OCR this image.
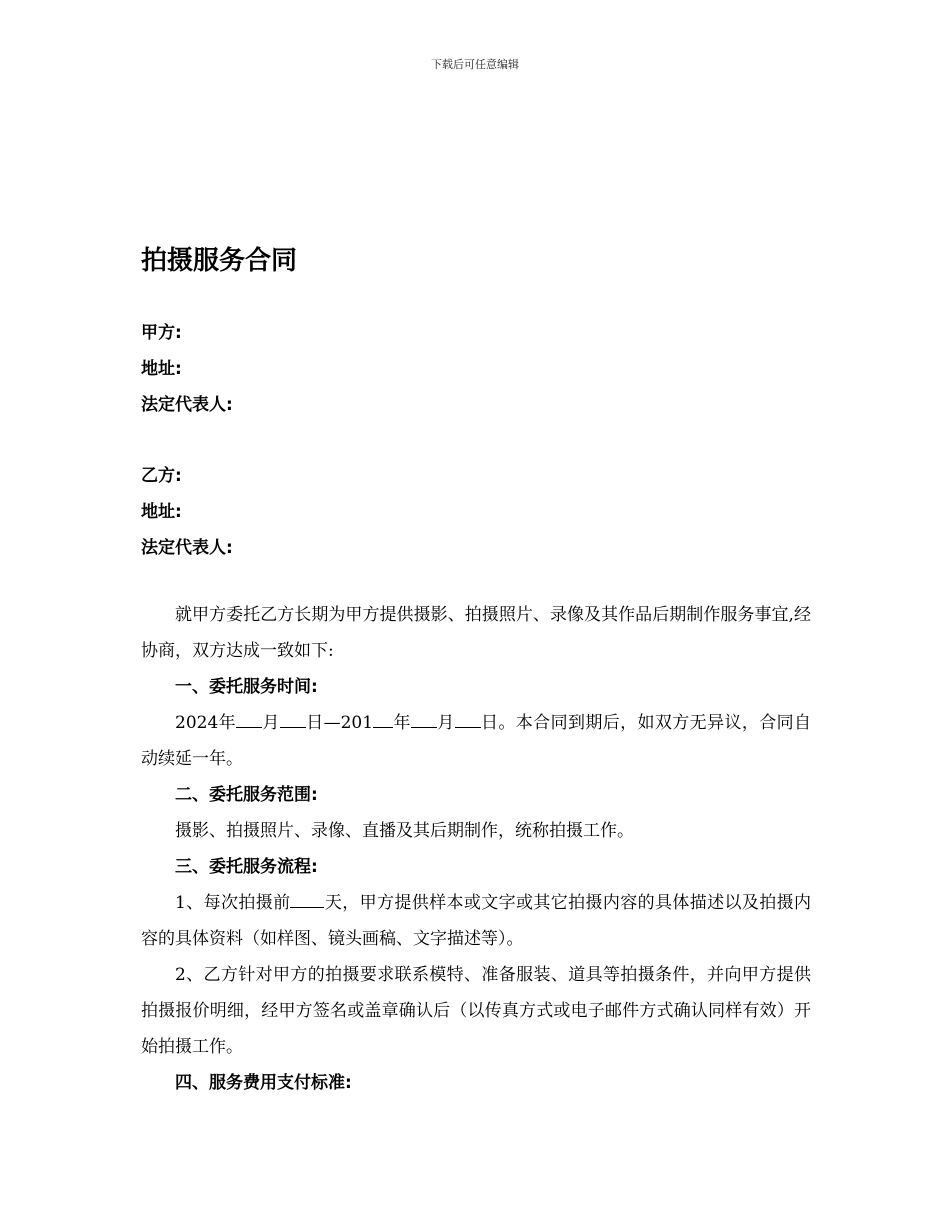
下载后可任意编辑
拍摄服务合同
甲方:
地址:
法定代表人:
乙方:
地址:
法定代表人:

就甲方委托乙方长期为甲方提供摄影、拍摄照片、录像及其作品后期制作服务事宜,经协商，双方达成一致如下:

一、委托服务时间:

2024年 月 日—201 年 月 日。本合同到期后，如双方无异议，合同自动续延一年。

二、委托服务范围:

摄影、拍摄照片、录像、直播及其后期制作，统称拍摄工作。

三、委托服务流程:

1、每次拍摄前 天，甲方提供样本或文字或其它拍摄内容的具体描述以及拍摄内容的具体资料（如样图、镜头画稿、文字描述等）。

2、乙方针对甲方的拍摄要求联系模特、准备服装、道具等拍摄条件，并向甲方提供拍摄报价明细，经甲方签名或盖章确认后（以传真方式或电子邮件方式确认同样有效）开始拍摄工作。

四、服务费用支付标准:
